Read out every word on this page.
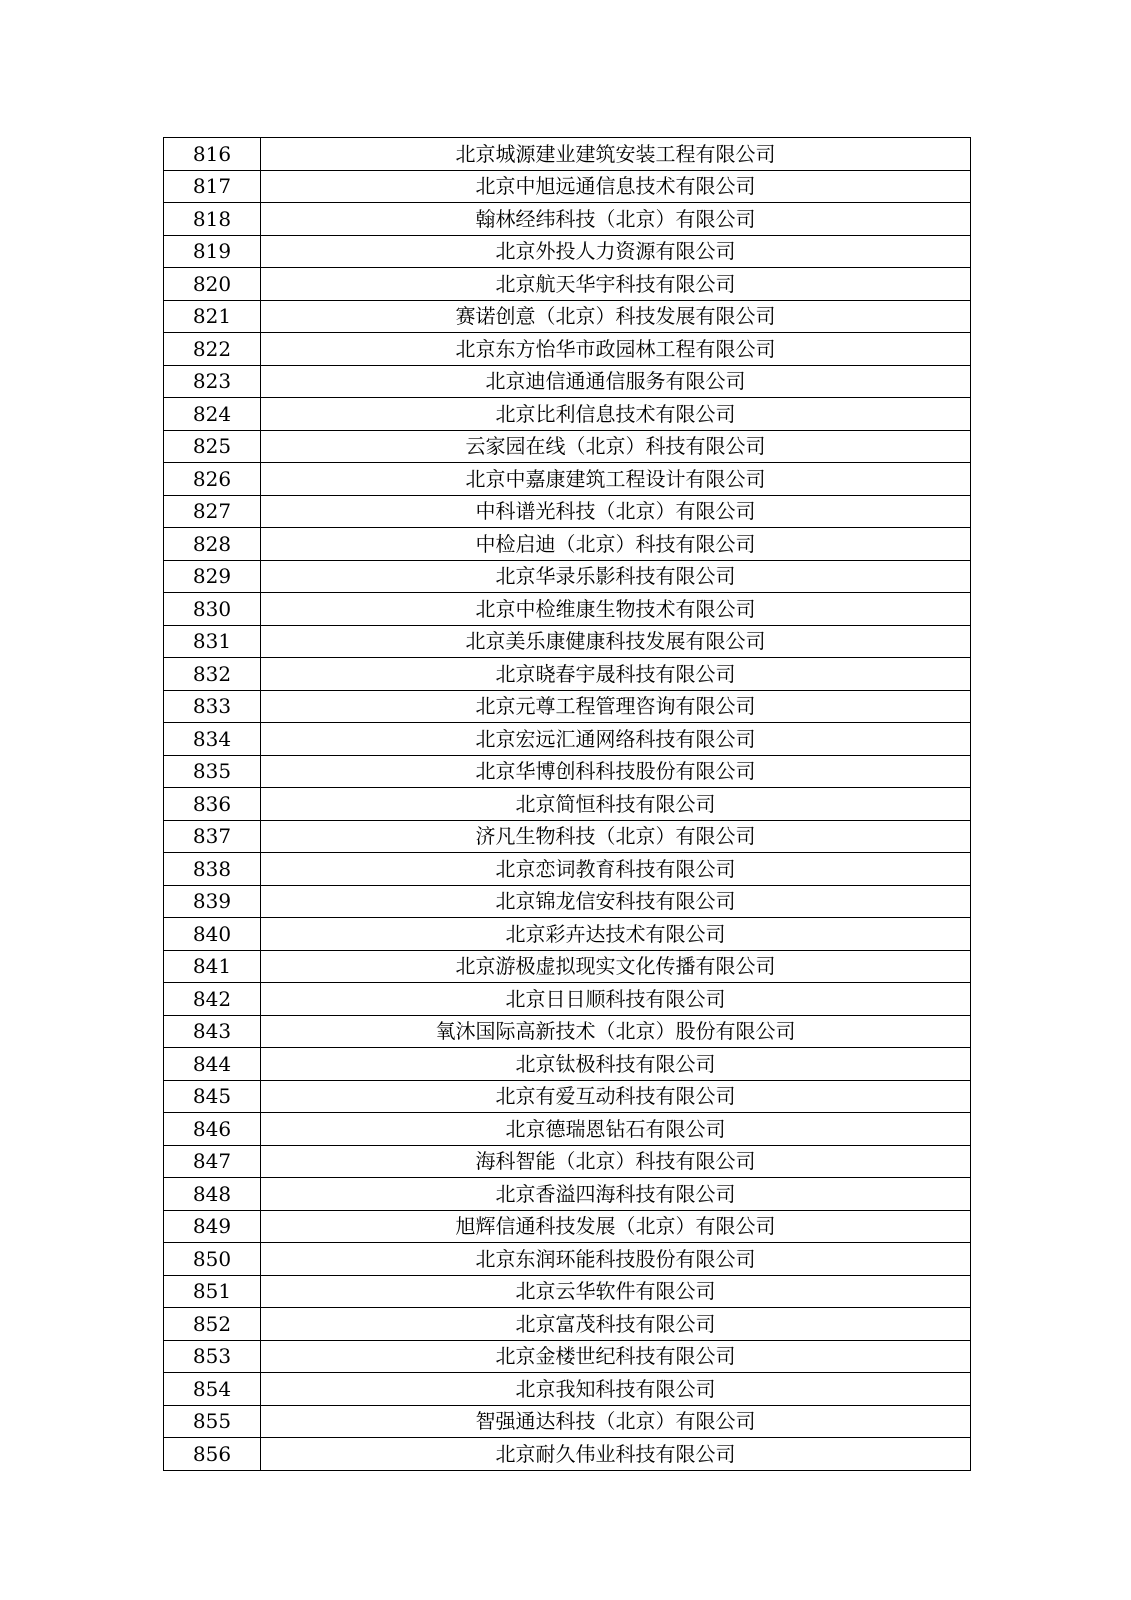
816	北京城源建业建筑安装工程有限公司
817	北京中旭远通信息技术有限公司
818	翰林经纬科技（北京）有限公司
819	北京外投人力资源有限公司
820	北京航天华宇科技有限公司
821	赛诺创意（北京）科技发展有限公司
822	北京东方怡华市政园林工程有限公司
823	北京迪信通通信服务有限公司
824	北京比利信息技术有限公司
825	云家园在线（北京）科技有限公司
826	北京中嘉康建筑工程设计有限公司
827	中科谱光科技（北京）有限公司
828	中检启迪（北京）科技有限公司
829	北京华录乐影科技有限公司
830	北京中检维康生物技术有限公司
831	北京美乐康健康科技发展有限公司
832	北京晓春宇晟科技有限公司
833	北京元尊工程管理咨询有限公司
834	北京宏远汇通网络科技有限公司
835	北京华博创科科技股份有限公司
836	北京简恒科技有限公司
837	济凡生物科技（北京）有限公司
838	北京恋词教育科技有限公司
839	北京锦龙信安科技有限公司
840	北京彩卉达技术有限公司
841	北京游极虚拟现实文化传播有限公司
842	北京日日顺科技有限公司
843	氧沐国际高新技术（北京）股份有限公司
844	北京钛极科技有限公司
845	北京有爱互动科技有限公司
846	北京德瑞恩钻石有限公司
847	海科智能（北京）科技有限公司
848	北京香溢四海科技有限公司
849	旭辉信通科技发展（北京）有限公司
850	北京东润环能科技股份有限公司
851	北京云华软件有限公司
852	北京富茂科技有限公司
853	北京金楼世纪科技有限公司
854	北京我知科技有限公司
855	智强通达科技（北京）有限公司
856	北京耐久伟业科技有限公司
